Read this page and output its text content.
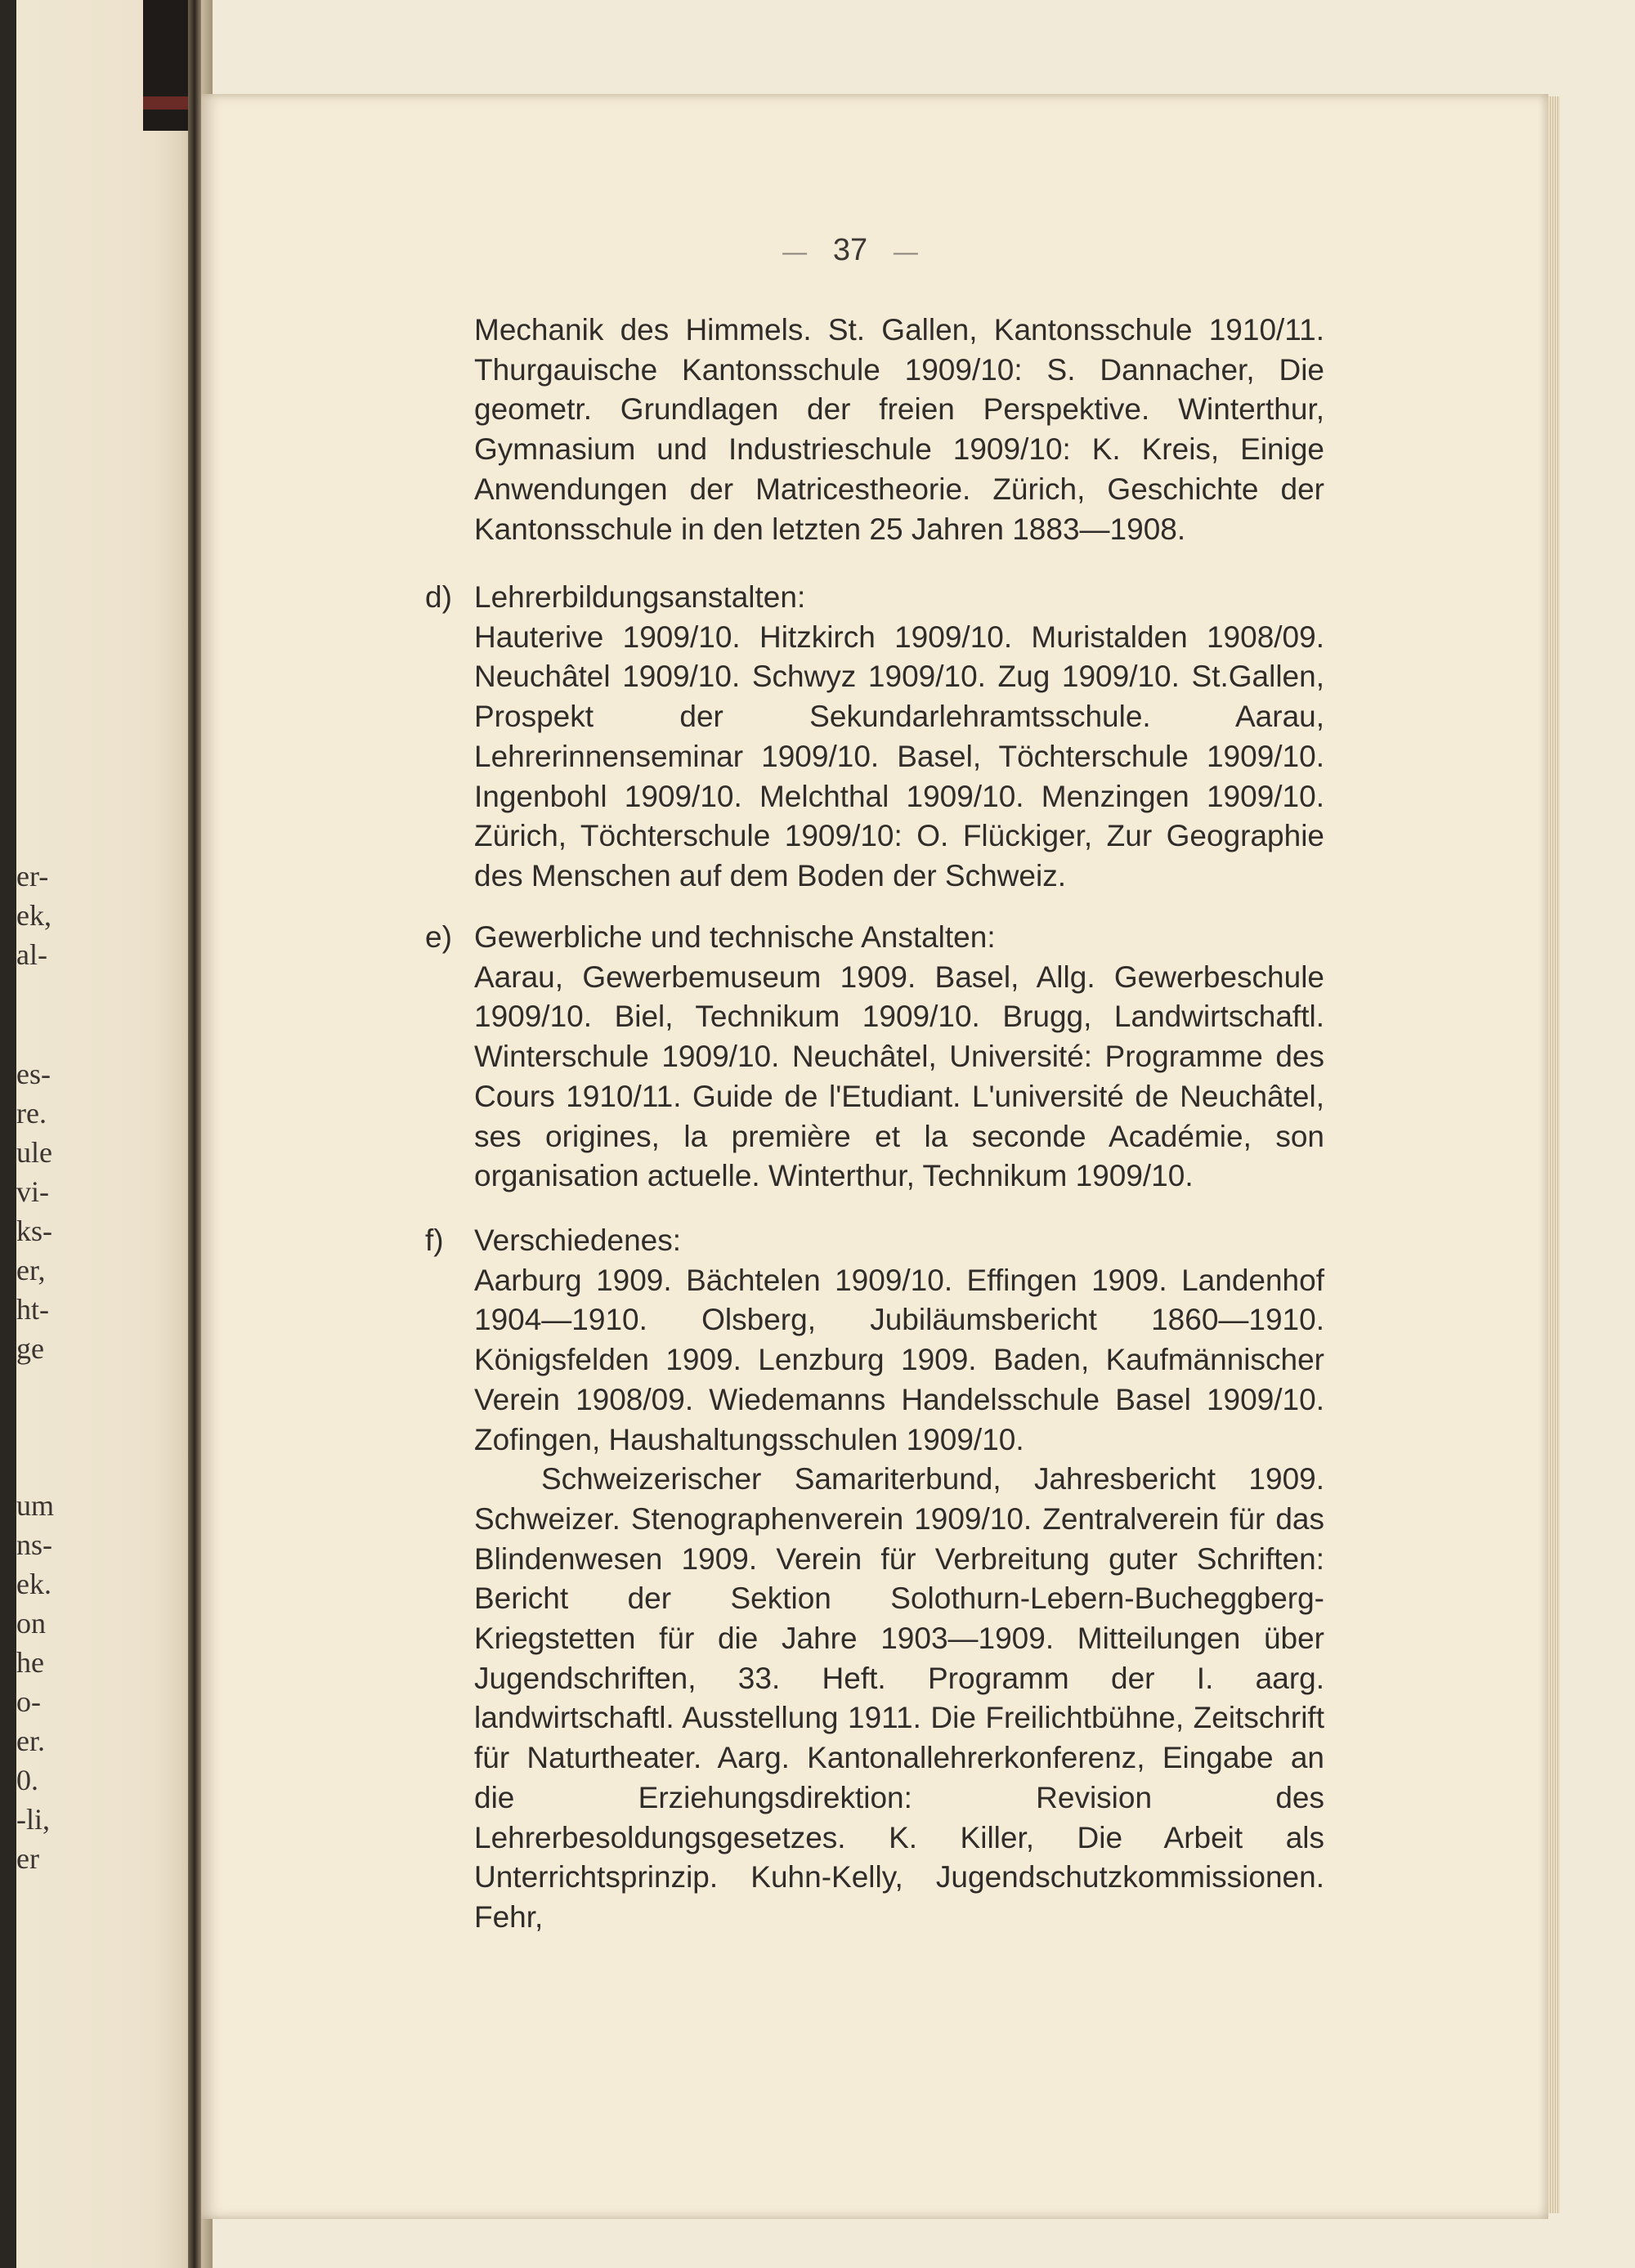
er-
ek,
al-
es-
re.
ule
vi-
ks-
er,
ht-
ge
um
ns-
ek.
on
he
o-
er.
0.
-li,
er
— 37 —

Mechanik des Himmels. St. Gallen, Kantonsschule 1910/11. Thurgauische Kantonsschule 1909/10: S. Dannacher, Die geometr. Grundlagen der freien Perspektive. Winterthur, Gymnasium und Industrieschule 1909/10: K. Kreis, Einige Anwendungen der Matricestheorie. Zürich, Geschichte der Kantonsschule in den letzten 25 Jahren 1883—1908.

d) Lehrerbildungsanstalten:

Hauterive 1909/10. Hitzkirch 1909/10. Muristalden 1908/09. Neuchâtel 1909/10. Schwyz 1909/10. Zug 1909/10. St.Gallen, Prospekt der Sekundarlehramtsschule. Aarau, Lehrerinnenseminar 1909/10. Basel, Töchterschule 1909/10. Ingenbohl 1909/10. Melchthal 1909/10. Menzingen 1909/10. Zürich, Töchterschule 1909/10: O. Flückiger, Zur Geographie des Menschen auf dem Boden der Schweiz.

e) Gewerbliche und technische Anstalten:

Aarau, Gewerbemuseum 1909. Basel, Allg. Gewerbeschule 1909/10. Biel, Technikum 1909/10. Brugg, Landwirtschaftl. Winterschule 1909/10. Neuchâtel, Université: Programme des Cours 1910/11. Guide de l'Etudiant. L'université de Neuchâtel, ses origines, la première et la seconde Académie, son organisation actuelle. Winterthur, Technikum 1909/10.

f) Verschiedenes:

Aarburg 1909. Bächtelen 1909/10. Effingen 1909. Landenhof 1904—1910. Olsberg, Jubiläumsbericht 1860—1910. Königsfelden 1909. Lenzburg 1909. Baden, Kaufmännischer Verein 1908/09. Wiedemanns Handelsschule Basel 1909/10. Zofingen, Haushaltungsschulen 1909/10.

Schweizerischer Samariterbund, Jahresbericht 1909. Schweizer. Stenographenverein 1909/10. Zentralverein für das Blindenwesen 1909. Verein für Verbreitung guter Schriften: Bericht der Sektion Solothurn-Lebern-Bucheggberg-Kriegstetten für die Jahre 1903—1909. Mitteilungen über Jugendschriften, 33. Heft. Programm der I. aarg. landwirtschaftl. Ausstellung 1911. Die Freilichtbühne, Zeitschrift für Naturtheater. Aarg. Kantonallehrerkonferenz, Eingabe an die Erziehungsdirektion: Revision des Lehrerbesoldungsgesetzes. K. Killer, Die Arbeit als Unterrichtsprinzip. Kuhn-Kelly, Jugendschutzkommissionen. Fehr,
